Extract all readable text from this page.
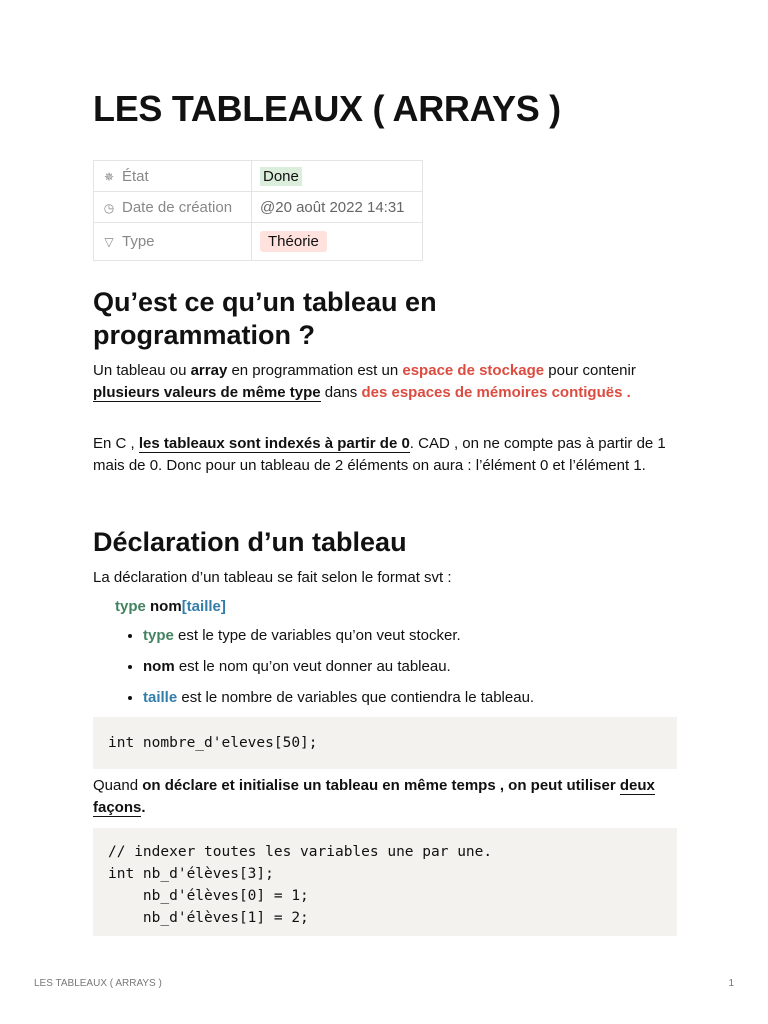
LES TABLEAUX ( ARRAYS )
✵ État	Done
◷ Date de création	@20 août 2022 14:31
▽ Type	Théorie
Qu’est ce qu’un tableau en programmation ?

Un tableau ou array en programmation est un espace de stockage pour contenir plusieurs valeurs de même type dans des espaces de mémoires contiguës .

En C , les tableaux sont indexés à partir de 0. CAD , on ne compte pas à partir de 1 mais de 0. Donc pour un tableau de 2 éléments on aura : l’élément 0 et l’élément 1.

Déclaration d’un tableau

La déclaration d’un tableau se fait selon le format svt :

type nom[taille]
• type est le type de variables qu’on veut stocker.
• nom est le nom qu’on veut donner au tableau.
• taille est le nombre de variables que contiendra le tableau.
int nombre_d'eleves[50];

Quand on déclare et initialise un tableau en même temps , on peut utiliser deux façons.

// indexer toutes les variables une par une.
int nb_d'élèves[3];
nb_d'élèves[0] = 1;
nb_d'élèves[1] = 2;
LES TABLEAUX ( ARRAYS )	1
